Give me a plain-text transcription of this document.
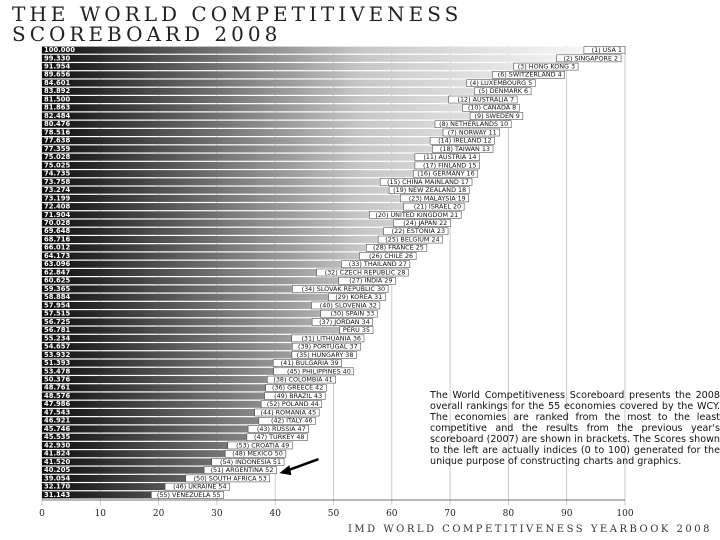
THE WORLD COMPETITIVENESS
SCOREBOARD 2008
0	10	20	30	40	50	60	70	80	90	100
100.000	(1) USA 1
99.330	(2) SINGAPORE 2
91.954	(3) HONG KONG 3
89.656	(6) SWITZERLAND 4
84.601	(4) LUXEMBOURG 5
83.892	(5) DENMARK 6
81.500	(12) AUSTRALIA 7
81.863	(10) CANADA 8
82.484	(9) SWEDEN 9
80.476	(8) NETHERLANDS 10
78.516	(7) NORWAY 11
77.638	(14) IRELAND 12
77.359	(18) TAIWAN 13
75.028	(11) AUSTRIA 14
75.025	(17) FINLAND 15
74.735	(16) GERMANY 16
73.758	(15) CHINA MAINLAND 17
73.274	(19) NEW ZEALAND 18
73.199	(23) MALAYSIA 19
72.408	(21) ISRAEL 20
71.904	(20) UNITED KINGDOM 21
70.028	(24) JAPAN 22
69.648	(22) ESTONIA 23
68.716	(25) BELGIUM 24
66.012	(28) FRANCE 25
64.173	(26) CHILE 26
63.096	(33) THAILAND 27
62.847	(32) CZECH REPUBLIC 28
60.625	(27) INDIA 29
59.365	(34) SLOVAK REPUBLIC 30
58.884	(29) KOREA 31
57.954	(40) SLOVENIA 32
57.515	(30) SPAIN 33
56.725	(37) JORDAN 34
56.781	PERU 35
55.234	(31) LITHUANIA 36
54.657	(39) PORTUGAL 37
53.932	(35) HUNGARY 38
51.393	(41) BULGARIA 39
53.478	(45) PHILIPPINES 40
50.376	(38) COLOMBIA 41
48.761	(36) GREECE 42
48.576	(49) BRAZIL 43
47.986	(52) POLAND 44
47.543	(44) ROMANIA 45
46.921	(42) ITALY 46
45.746	(43) RUSSIA 47
45.535	(47) TURKEY 48
42.930	(53) CROATIA 49
41.824	(48) MEXICO 50
41.520	(54) INDONESIA 51
40.205	(51) ARGENTINA 52
39.054	(50) SOUTH AFRICA 53
32.170	(46) UKRAINE 54
31.143	(55) VENEZUELA 55
The World Competitiveness Scoreboard presents the 2008 overall rankings for the 55 economies covered by the WCY. The economies are ranked from the most to the least competitive and the results from the previous year's scoreboard (2007) are shown in brackets. The Scores shown to the left are actually indices (0 to 100) generated for the unique purpose of constructing charts and graphics.
IMD WORLD COMPETITIVENESS YEARBOOK 2008
